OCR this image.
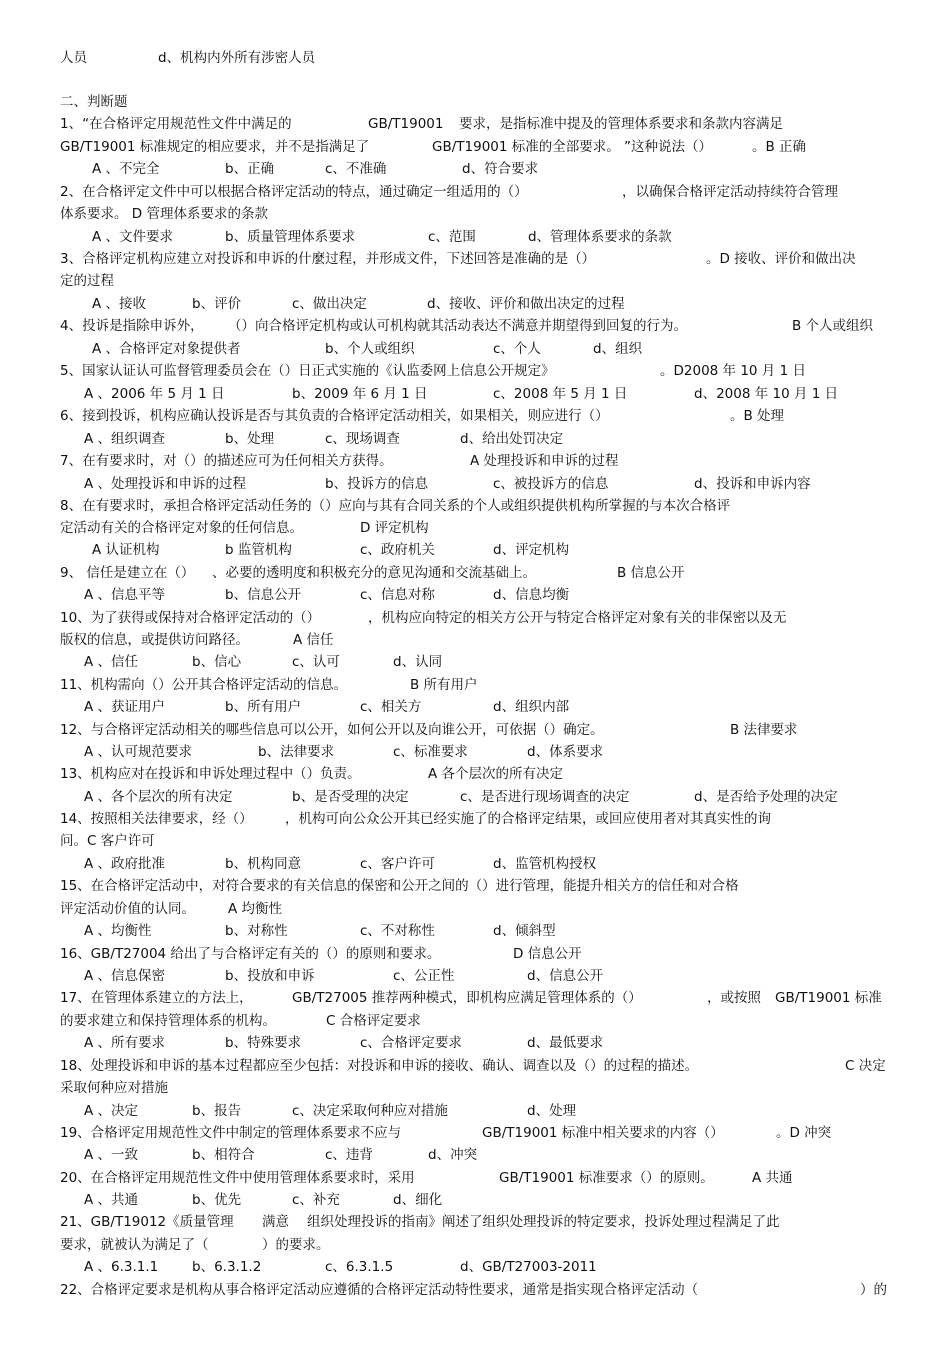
人员	d、机构内外所有涉密人员
二、判断题
1、“在合格评定用规范性文件中满足的	GB/T19001 要求，是指标准中提及的管理体系要求和条款内容满足
GB/T19001 标准规定的相应要求，并不是指满足了	GB/T19001 标准的全部要求。 ”这种说法（）	。B 正确
A 、不完全	b、正确	c、不准确	d、符合要求
2、在合格评定文件中可以根据合格评定活动的特点，通过确定一组适用的（）	，以确保合格评定活动持续符合管理
体系要求。 D 管理体系要求的条款
A 、文件要求	b、质量管理体系要求	c、范围	d、管理体系要求的条款
3、合格评定机构应建立对投诉和申诉的什麼过程，并形成文件，下述回答是准确的是（）	。D 接收、评价和做出决
定的过程
A 、接收	b、评价	c、做出决定	d、接收、评价和做出决定的过程
4、投诉是指除申诉外， （）向合格评定机构或认可机构就其活动表达不满意并期望得到回复的行为。	B 个人或组织
A 、合格评定对象提供者	b、个人或组织	c、个人	d、组织
5、国家认证认可监督管理委员会在（）日正式实施的《认监委网上信息公开规定》	。D2008 年 10 月 1 日
A 、2006 年 5 月 1 日	b、2009 年 6 月 1 日	c、2008 年 5 月 1 日	d、2008 年 10 月 1 日
6、接到投诉，机构应确认投诉是否与其负责的合格评定活动相关，如果相关，则应进行（）	。B 处理
A 、组织调查	b、处理	c、现场调查	d、给出处罚决定
7、在有要求时，对（）的描述应可为任何相关方获得。	A 处理投诉和申诉的过程
A 、处理投诉和申诉的过程	b、投诉方的信息	c、被投诉方的信息	d、投诉和申诉内容
8、在有要求时，承担合格评定活动任务的（）应向与其有合同关系的个人或组织提供机构所掌握的与本次合格评
定活动有关的合格评定对象的任何信息。	D 评定机构
A 认证机构	b 监管机构	c、政府机关	d、评定机构
9、 信任是建立在（） 、必要的透明度和积极充分的意见沟通和交流基础上。	B 信息公开
A 、信息平等	b、信息公开	c、信息对称	d、信息均衡
10、为了获得或保持对合格评定活动的（）	，机构应向特定的相关方公开与特定合格评定对象有关的非保密以及无
版权的信息，或提供访问路径。	A 信任
A 、信任	b、信心	c、认可	d、认同
11、机构需向（）公开其合格评定活动的信息。	B 所有用户
A 、获证用户	b、所有用户	c、相关方	d、组织内部
12、与合格评定活动相关的哪些信息可以公开，如何公开以及向谁公开，可依据（）确定。	B 法律要求
A 、认可规范要求	b、法律要求	c、标准要求	d、体系要求
13、机构应对在投诉和申诉处理过程中（）负责。	A 各个层次的所有决定
A 、各个层次的所有决定	b、是否受理的决定	c、是否进行现场调查的决定	d、是否给予处理的决定
14、按照相关法律要求，经（） ，机构可向公众公开其已经实施了的合格评定结果，或回应使用者对其真实性的询
问。C 客户许可
A 、政府批准	b、机构同意	c、客户许可	d、监管机构授权
15、在合格评定活动中，对符合要求的有关信息的保密和公开之间的（）进行管理，能提升相关方的信任和对合格
评定活动价值的认同。 A 均衡性
A 、均衡性	b、对称性	c、不对称性	d、倾斜型
16、GB/T27004 给出了与合格评定有关的（）的原则和要求。	D 信息公开
A 、信息保密	b、投放和申诉	c、公正性	d、信息公开
17、在管理体系建立的方法上，	GB/T27005 推荐两种模式，即机构应满足管理体系的（）	，或按照 GB/T19001 标准
的要求建立和保持管理体系的机构。	C 合格评定要求
A 、所有要求	b、特殊要求	c、合格评定要求	d、最低要求
18、处理投诉和申诉的基本过程都应至少包括：对投诉和申诉的接收、确认、调查以及（）的过程的描述。	C 决定
采取何种应对措施
A 、决定	b、报告	c、决定采取何种应对措施	d、处理
19、合格评定用规范性文件中制定的管理体系要求不应与	GB/T19001 标准中相关要求的内容（）	。D 冲突
A 、一致	b、相符合	c、违背	d、冲突
20、在合格评定用规范性文件中使用管理体系要求时，采用	GB/T19001 标准要求（）的原则。	A 共通
A 、共通	b、优先	c、补充	d、细化
21、GB/T19012《质量管理 满意 组织处理投诉的指南》阐述了组织处理投诉的特定要求，投诉处理过程满足了此
要求，就被认为满足了（	）的要求。
A 、6.3.1.1 b、6.3.1.2	c、6.3.1.5	d、GB/T27003-2011
22、合格评定要求是机构从事合格评定活动应遵循的合格评定活动特性要求，通常是指实现合格评定活动（	）的
